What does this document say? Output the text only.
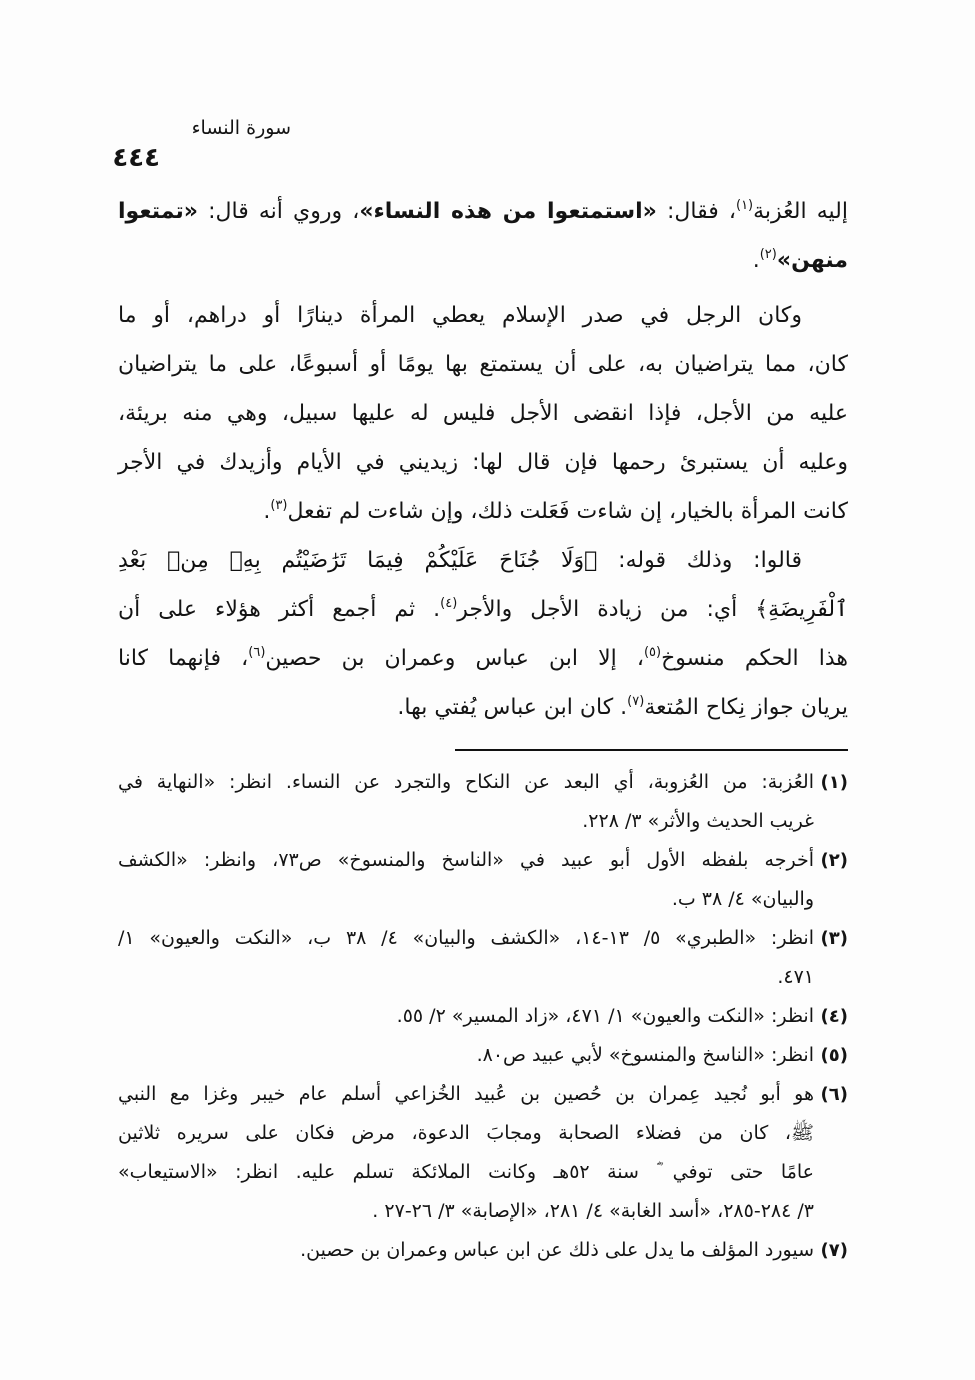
سورة النساء
٤٤٤
إليه العُزبة$^{(١)}$، فقال: «استمتعوا من هذه النساء»، وروي أنه قال: «تمتعوا
منهن»$^{(٢)}$.
وكان الرجل في صدر الإسلام يعطي المرأة دينارًا أو دراهم، أو ما
كان، مما يتراضيان به، على أن يستمتع بها يومًا أو أسبوعًا، على ما يتراضيان
عليه من الأجل، فإذا انقضى الأجل فليس له عليها سبيل، وهي منه بريئة،
وعليه أن يستبرئ رحمها فإن قال لها: زيديني في الأيام وأزيدك في الأجر
كانت المرأة بالخيار، إن شاءت فَعَلت ذلك، وإن شاءت لم تفعل$^{(٣)}$.
قالوا: وذلك قوله: ﴿وَلَا جُنَاحَ عَلَيْكُمْ فِيمَا تَرَٰضَيْتُم بِهِۦ مِنۢ بَعْدِ
ٱلْفَرِيضَةِ﴾ أي: من زيادة الأجل والأجر$^{(٤)}$. ثم أجمع أكثر هؤلاء على أن
هذا الحكم منسوخ$^{(٥)}$، إلا ابن عباس وعمران بن حصين$^{(٦)}$، فإنهما كانا
يريان جواز نِكاح المُتعة$^{(٧)}$. كان ابن عباس يُفتي بها.
(١)
العُزبة: من العُزوبة، أي البعد عن النكاح والتجرد عن النساء. انظر: «النهاية في
غريب الحديث والأثر» ٣/ ٢٢٨.
(٢)
أخرجه بلفظه الأول أبو عبيد في «الناسخ والمنسوخ» ص٧٣، وانظر: «الكشف
والبيان» ٤/ ٣٨ ب.
(٣)
انظر: «الطبري» ٥/ ١٣-١٤، «الكشف والبيان» ٤/ ٣٨ ب، «النكت والعيون» ١/
٤٧١.
(٤)
انظر: «النكت والعيون» ١/ ٤٧١، «زاد المسير» ٢/ ٥٥.
(٥)
انظر: «الناسخ والمنسوخ» لأبي عبيد ص٨٠.
(٦)
هو أبو نُجيد عِمران بن حُصين بن عُبيد الخُزاعي أسلم عام خيبر وغزا مع النبي
ﷺ، كان من فضلاء الصحابة ومجابَ الدعوة، مرض فكان على سريره ثلاثين
عامًا حتى توفي ؓ سنة ٥٢هـ وكانت الملائكة تسلم عليه. انظر: «الاستيعاب»
٣/ ٢٨٤-٢٨٥، «أسد الغابة» ٤/ ٢٨١، «الإصابة» ٣/ ٢٦-٢٧ .
(٧)
سيورد المؤلف ما يدل على ذلك عن ابن عباس وعمران بن حصين.
